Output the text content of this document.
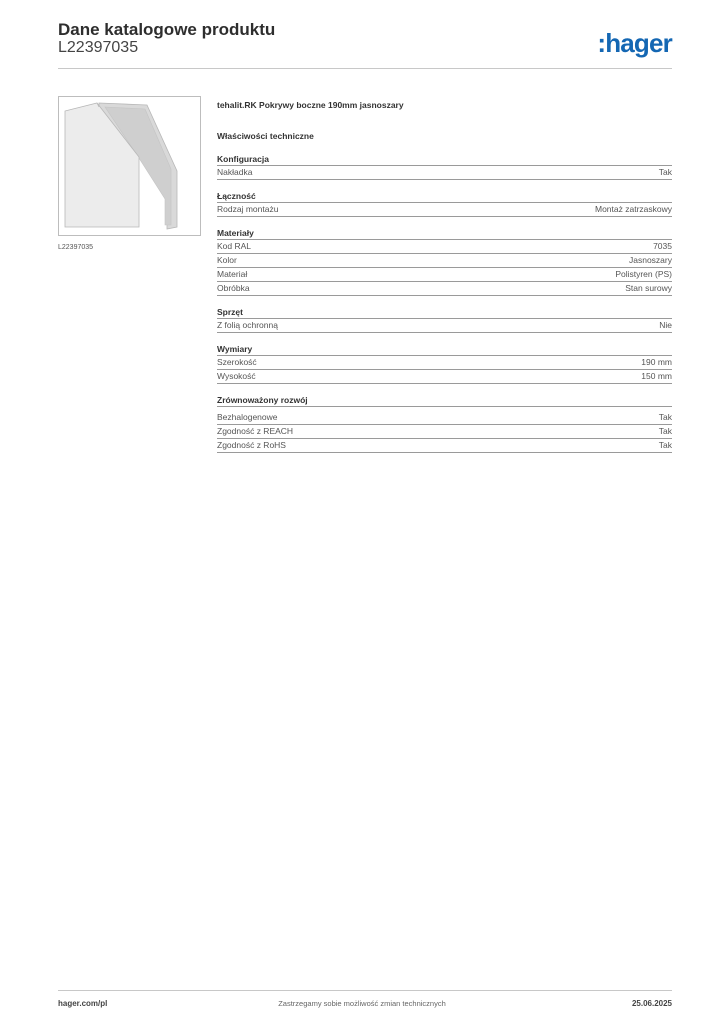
Dane katalogowe produktu
L22397035	:hager
L22397035
tehalit.RK Pokrywy boczne 190mm jasnoszary
Właściwości techniczne
Konfiguracja
Nakładka	Tak
Łączność
Rodzaj montażu	Montaż zatrzaskowy
Materiały
Kod RAL	7035
Kolor	Jasnoszary
Materiał	Polistyren (PS)
Obróbka	Stan surowy
Sprzęt
Z folią ochronną	Nie
Wymiary
Szerokość	190 mm
Wysokość	150 mm
Zrównoważony rozwój
Bezhalogenowe	Tak
Zgodność z REACH	Tak
Zgodność z RoHS	Tak
hager.com/pl	Zastrzegamy sobie możliwość zmian technicznych	25.06.2025
